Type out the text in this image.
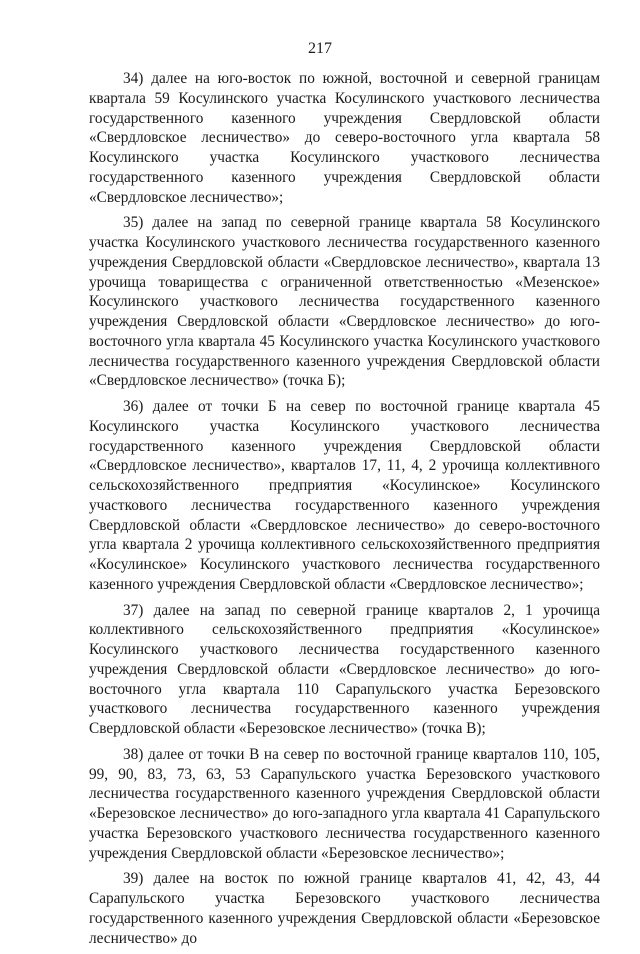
217

34) далее на юго-восток по южной, восточной и северной границам квартала 59 Косулинского участка Косулинского участкового лесничества государственного казенного учреждения Свердловской области «Свердловское лесничество» до северо-восточного угла квартала 58 Косулинского участка Косулинского участкового лесничества государственного казенного учреждения Свердловской области «Свердловское лесничество»;

35) далее на запад по северной границе квартала 58 Косулинского участка Косулинского участкового лесничества государственного казенного учреждения Свердловской области «Свердловское лесничество», квартала 13 урочища товарищества с ограниченной ответственностью «Мезенское» Косулинского участкового лесничества государственного казенного учреждения Свердловской области «Свердловское лесничество» до юго-восточного угла квартала 45 Косулинского участка Косулинского участкового лесничества государственного казенного учреждения Свердловской области «Свердловское лесничество» (точка Б);

36) далее от точки Б на север по восточной границе квартала 45 Косулинского участка Косулинского участкового лесничества государственного казенного учреждения Свердловской области «Свердловское лесничество», кварталов 17, 11, 4, 2 урочища коллективного сельскохозяйственного предприятия «Косулинское» Косулинского участкового лесничества государственного казенного учреждения Свердловской области «Свердловское лесничество» до северо-восточного угла квартала 2 урочища коллективного сельскохозяйственного предприятия «Косулинское» Косулинского участкового лесничества государственного казенного учреждения Свердловской области «Свердловское лесничество»;

37) далее на запад по северной границе кварталов 2, 1 урочища коллективного сельскохозяйственного предприятия «Косулинское» Косулинского участкового лесничества государственного казенного учреждения Свердловской области «Свердловское лесничество» до юго-восточного угла квартала 110 Сарапульского участка Березовского участкового лесничества государственного казенного учреждения Свердловской области «Березовское лесничество» (точка В);

38) далее от точки В на север по восточной границе кварталов 110, 105, 99, 90, 83, 73, 63, 53 Сарапульского участка Березовского участкового лесничества государственного казенного учреждения Свердловской области «Березовское лесничество» до юго-западного угла квартала 41 Сарапульского участка Березовского участкового лесничества государственного казенного учреждения Свердловской области «Березовское лесничество»;

39) далее на восток по южной границе кварталов 41, 42, 43, 44 Сарапульского участка Березовского участкового лесничества государственного казенного учреждения Свердловской области «Березовское лесничество» до
